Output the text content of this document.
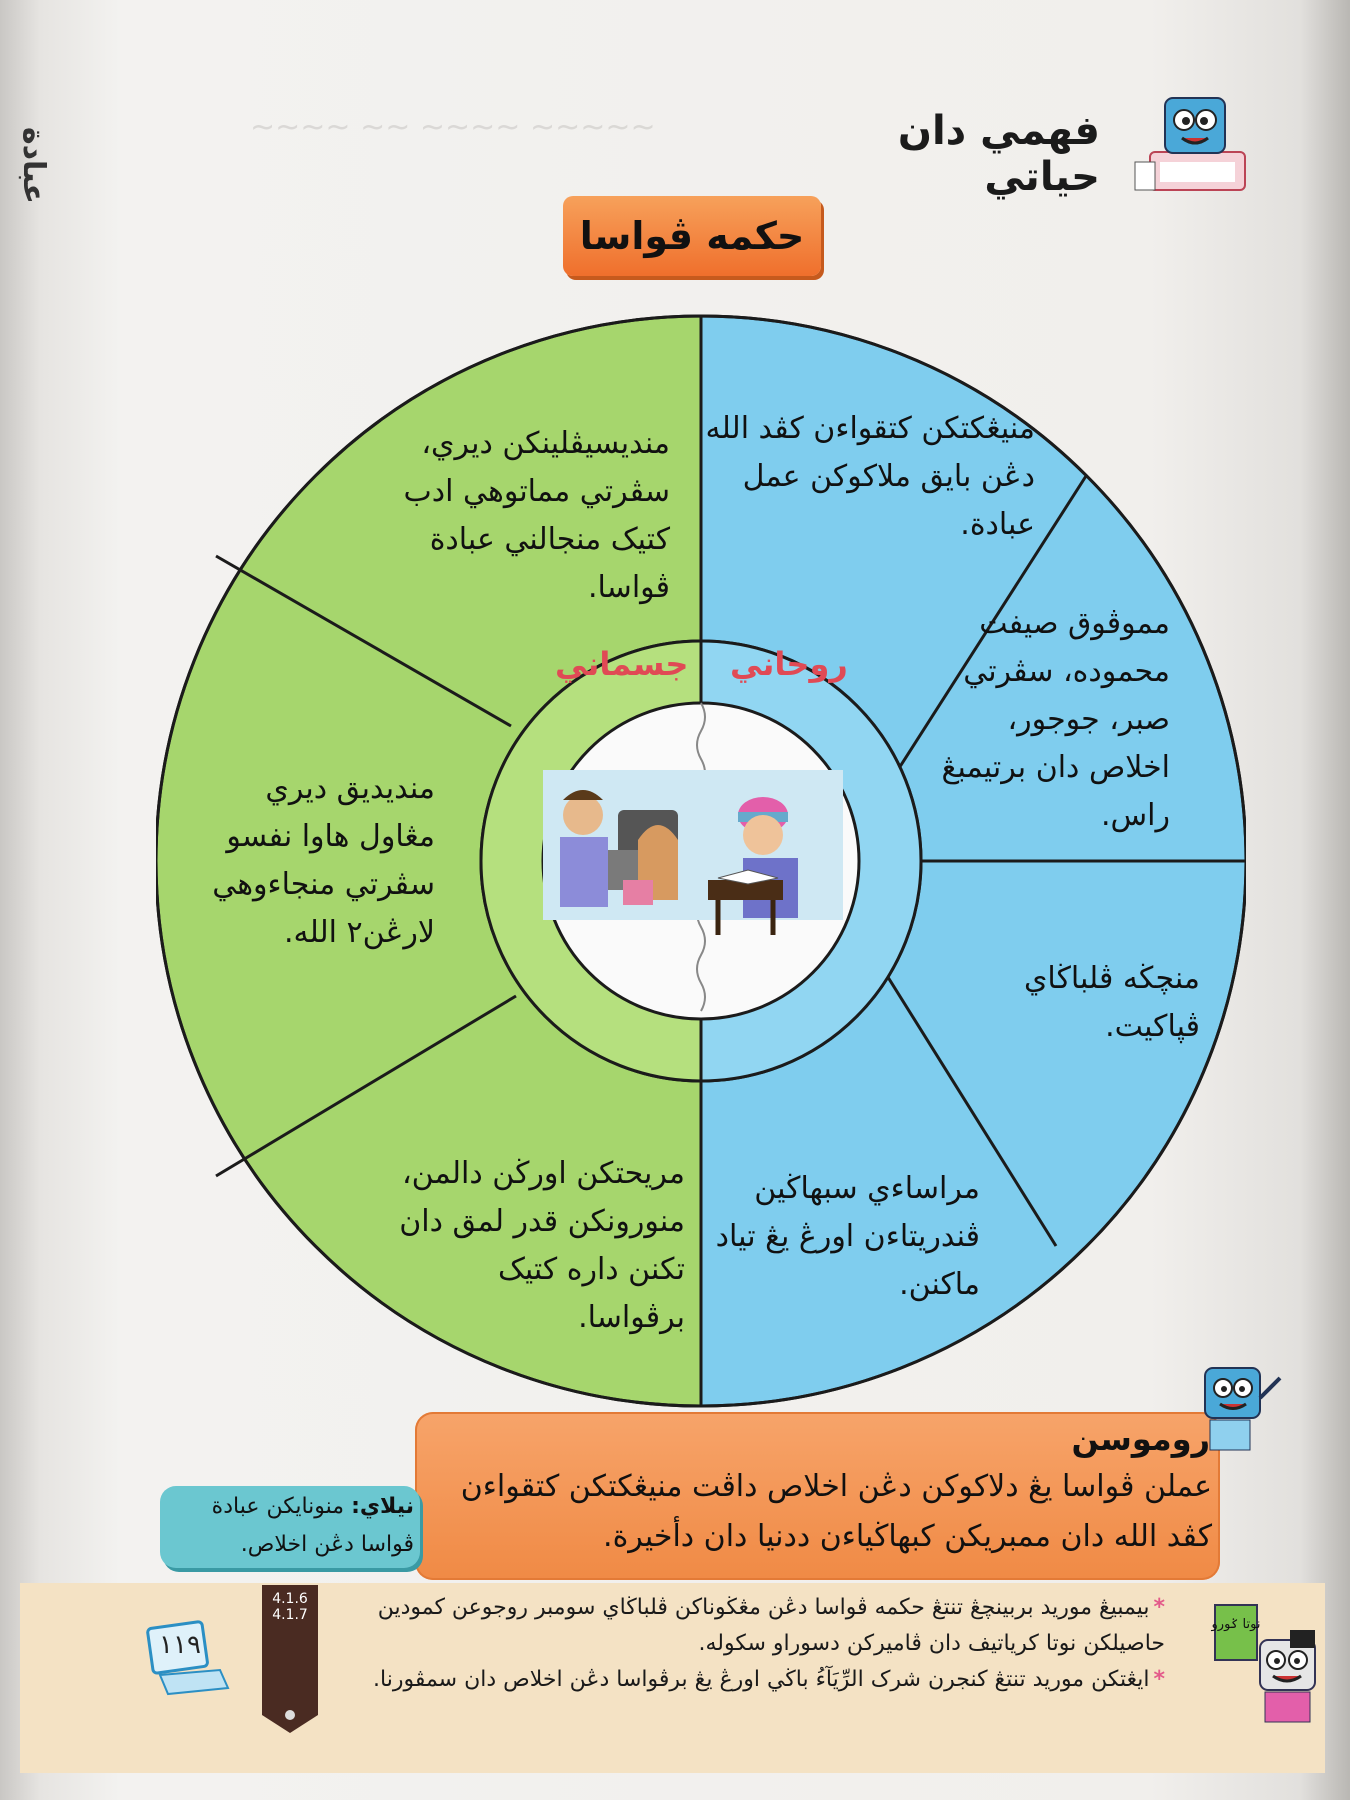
~~~~~ ~~~~ ~~ ~~~~
عبادة	فهمي دان حياتي
حكمه ڤواسا
روحاني
جسماني
منيڠكتكن كتقواءن كڤد الله دڠن بايق ملاكوكن عمل عبادة.
مموڤوق صيفت محموده، سڤرتي صبر، جوجور، اخلاص دان برتيمبڠ راس.
منچڬه ڤلباڬاي ڤپاكيت.
مراساءي سبهاڬين ڤندريتاءن اورڠ يڠ تياد ماكنن.
منديسيڤلينكن ديري، سڤرتي مماتوهي ادب كتيک منجالني عبادة ڤواسا.
منديديق ديري مڠاول هاوا نفسو سڤرتي منجاءوهي لارڠن٢ الله.
مريحتكن اورڬن دالمن، منورونكن قدر لمق دان تكنن داره كتيک برڤواسا.
روموسن
عملن ڤواسا يڠ دلاكوكن دڠن اخلاص داڤت منيڠكتكن كتقواءن كڤد الله دان ممبريكن كبهاڬياءن ددنيا دان دأخيرة.
نيلاي: منونايكن عبادة ڤواسا دڠن اخلاص.
*بيمبيڠ موريد بربينچڠ تنتڠ حكمه ڤواسا دڠن مڠڬوناكن ڤلباڬاي سومبر روجوعن كمودين حاصيلكن نوتا كرياتيف دان ڤاميركن دسوراو سكوله.
*ايڠتكن موريد تنتڠ كنجرن شرک الرِّيَآءُ باڬي اورڠ يڠ برڤواسا دڠن اخلاص دان سمڤورنا.
4.1.6
4.1.7
١١٩
نوتا ݢورو
